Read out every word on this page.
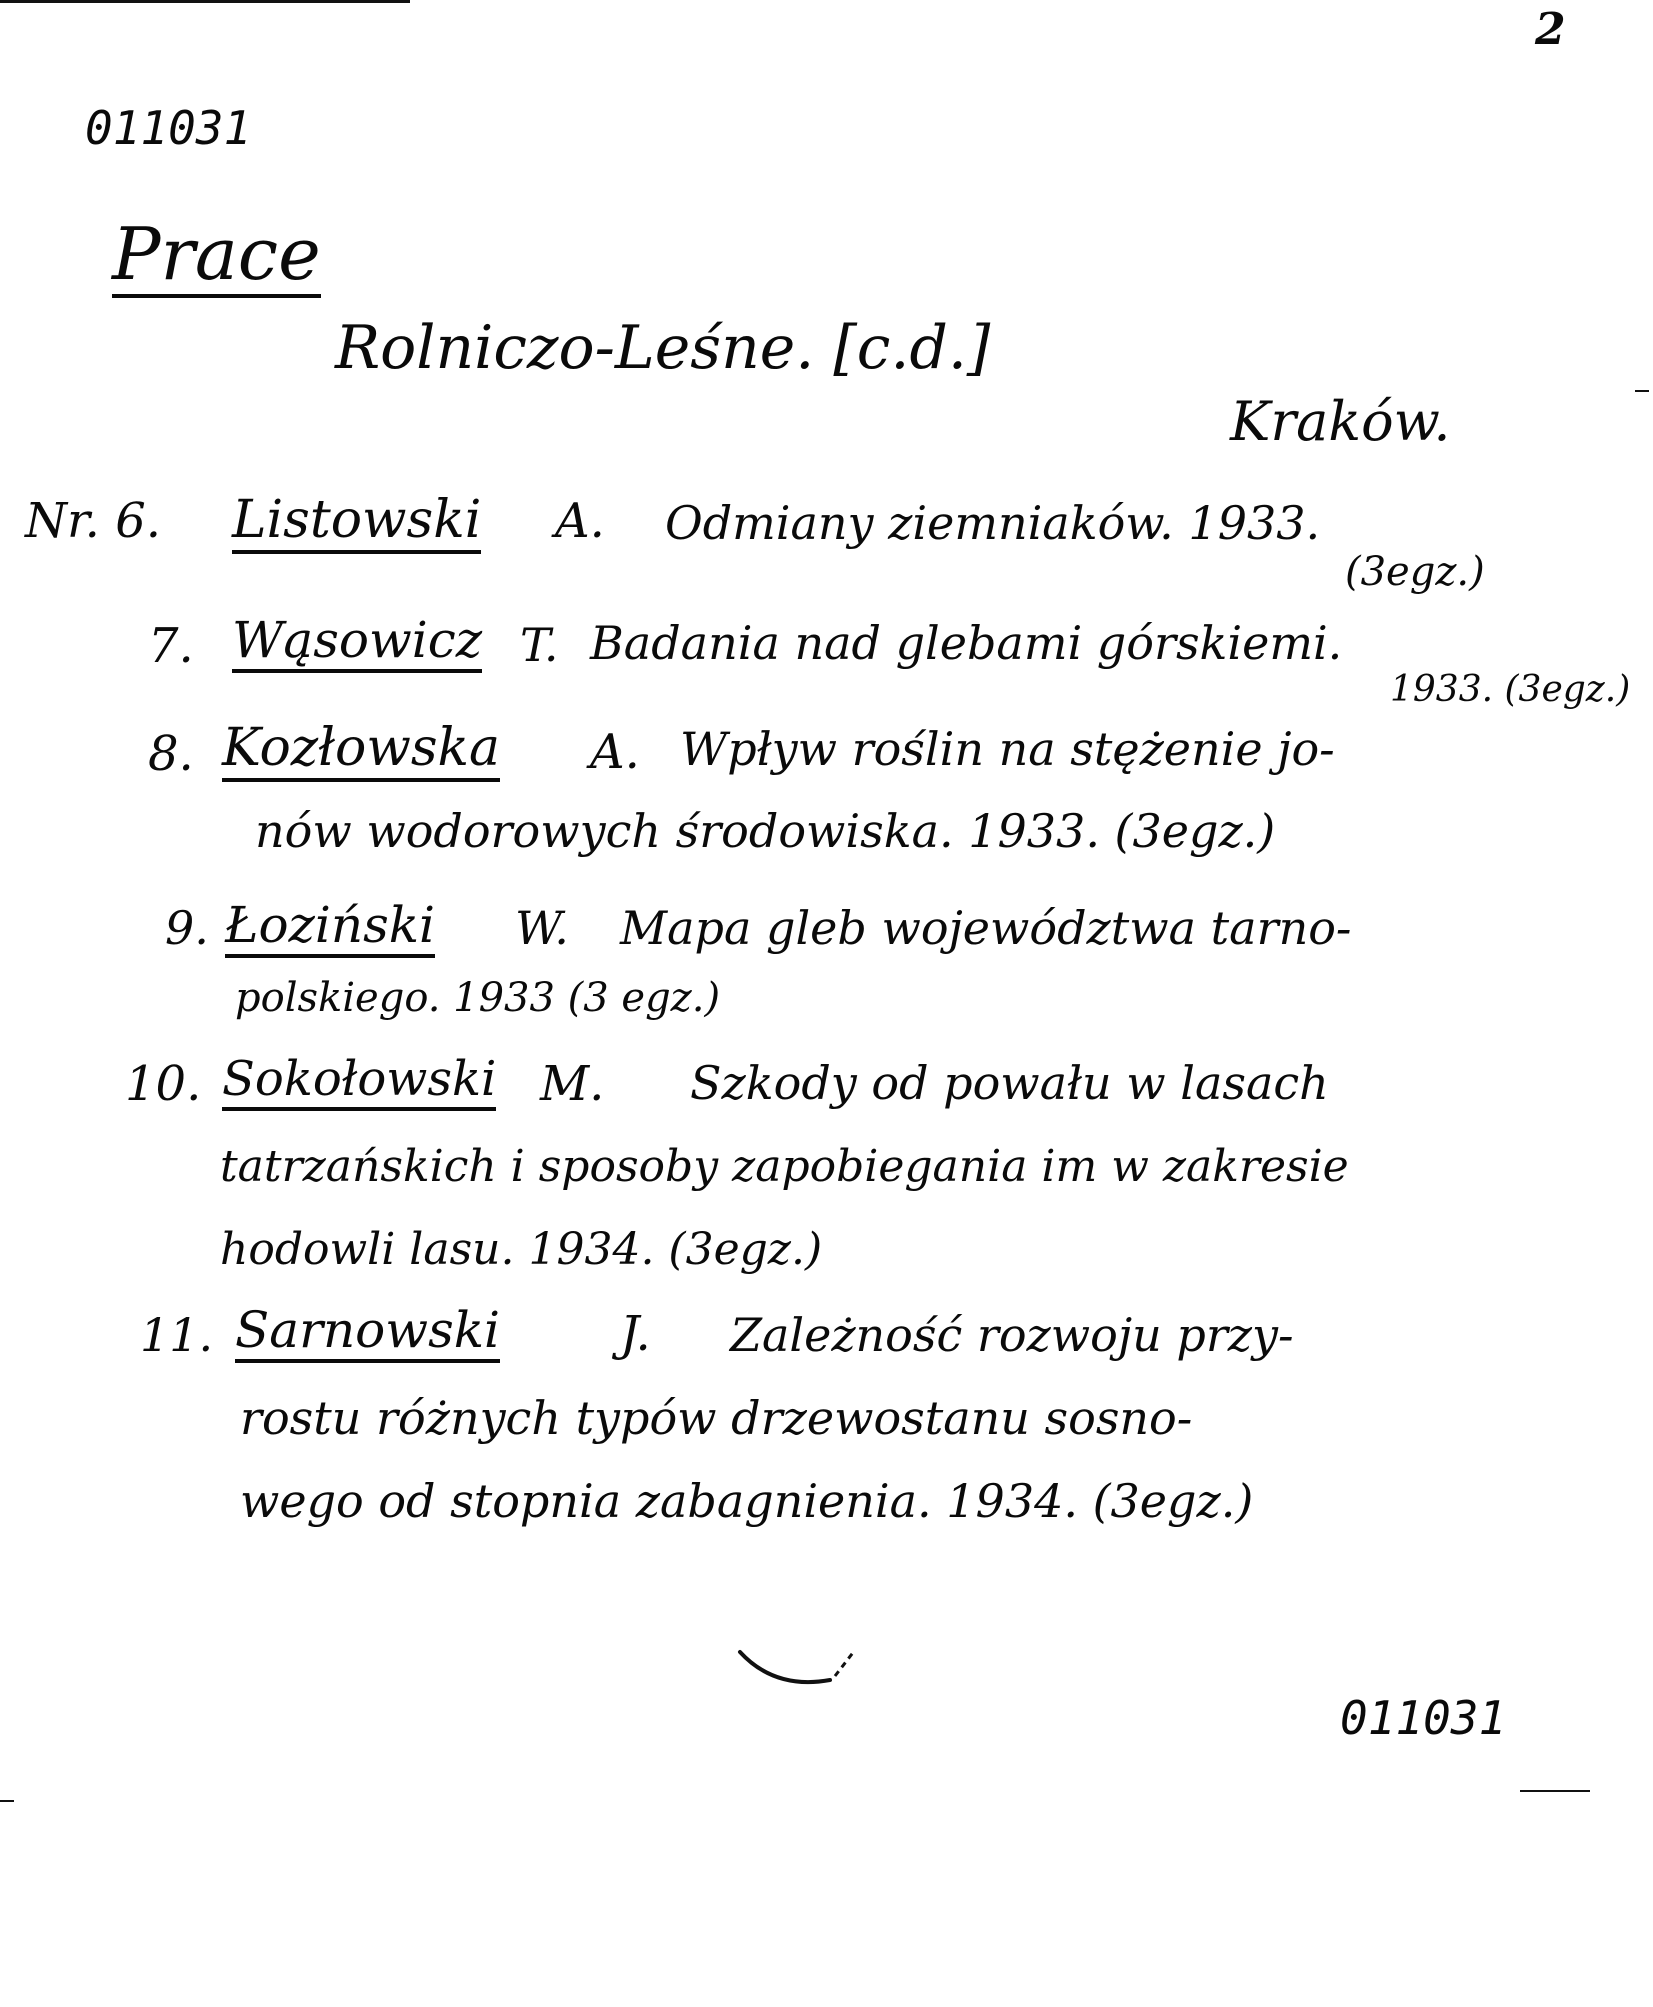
2
011031
Prace
Rolniczo-Leśne. [c.d.]
Kraków.
Nr. 6. Listowski A. Odmiany ziemniaków. 1933.
(3egz.)
7. Wąsowicz T. Badania nad glebami górskiemi.
1933. (3egz.)
8. Kozłowska A. Wpływ roślin na stężenie jo-
nów wodorowych środowiska. 1933. (3egz.)
9. Łoziński W. Mapa gleb województwa tarno-
polskiego. 1933 (3 egz.)
10. Sokołowski M. Szkody od powału w lasach
tatrzańskich i sposoby zapobiegania im w zakresie
hodowli lasu. 1934. (3egz.)
11. Sarnowski J. Zależność rozwoju przy-
rostu różnych typów drzewostanu sosno-
wego od stopnia zabagnienia. 1934. (3egz.)
011031
